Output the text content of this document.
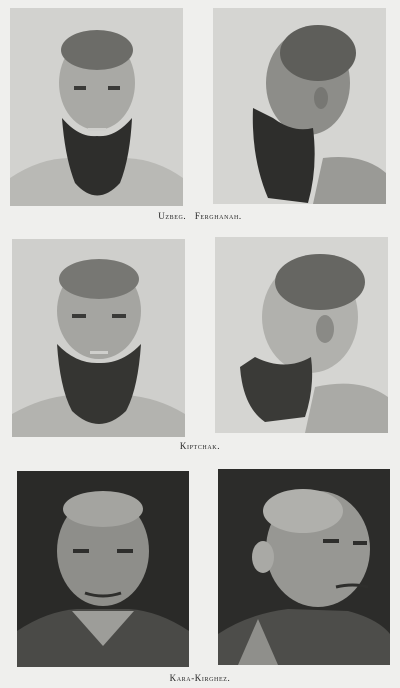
Uzbeg.   Ferghanah.
Kiptchak.
Kara-Kirghez.
